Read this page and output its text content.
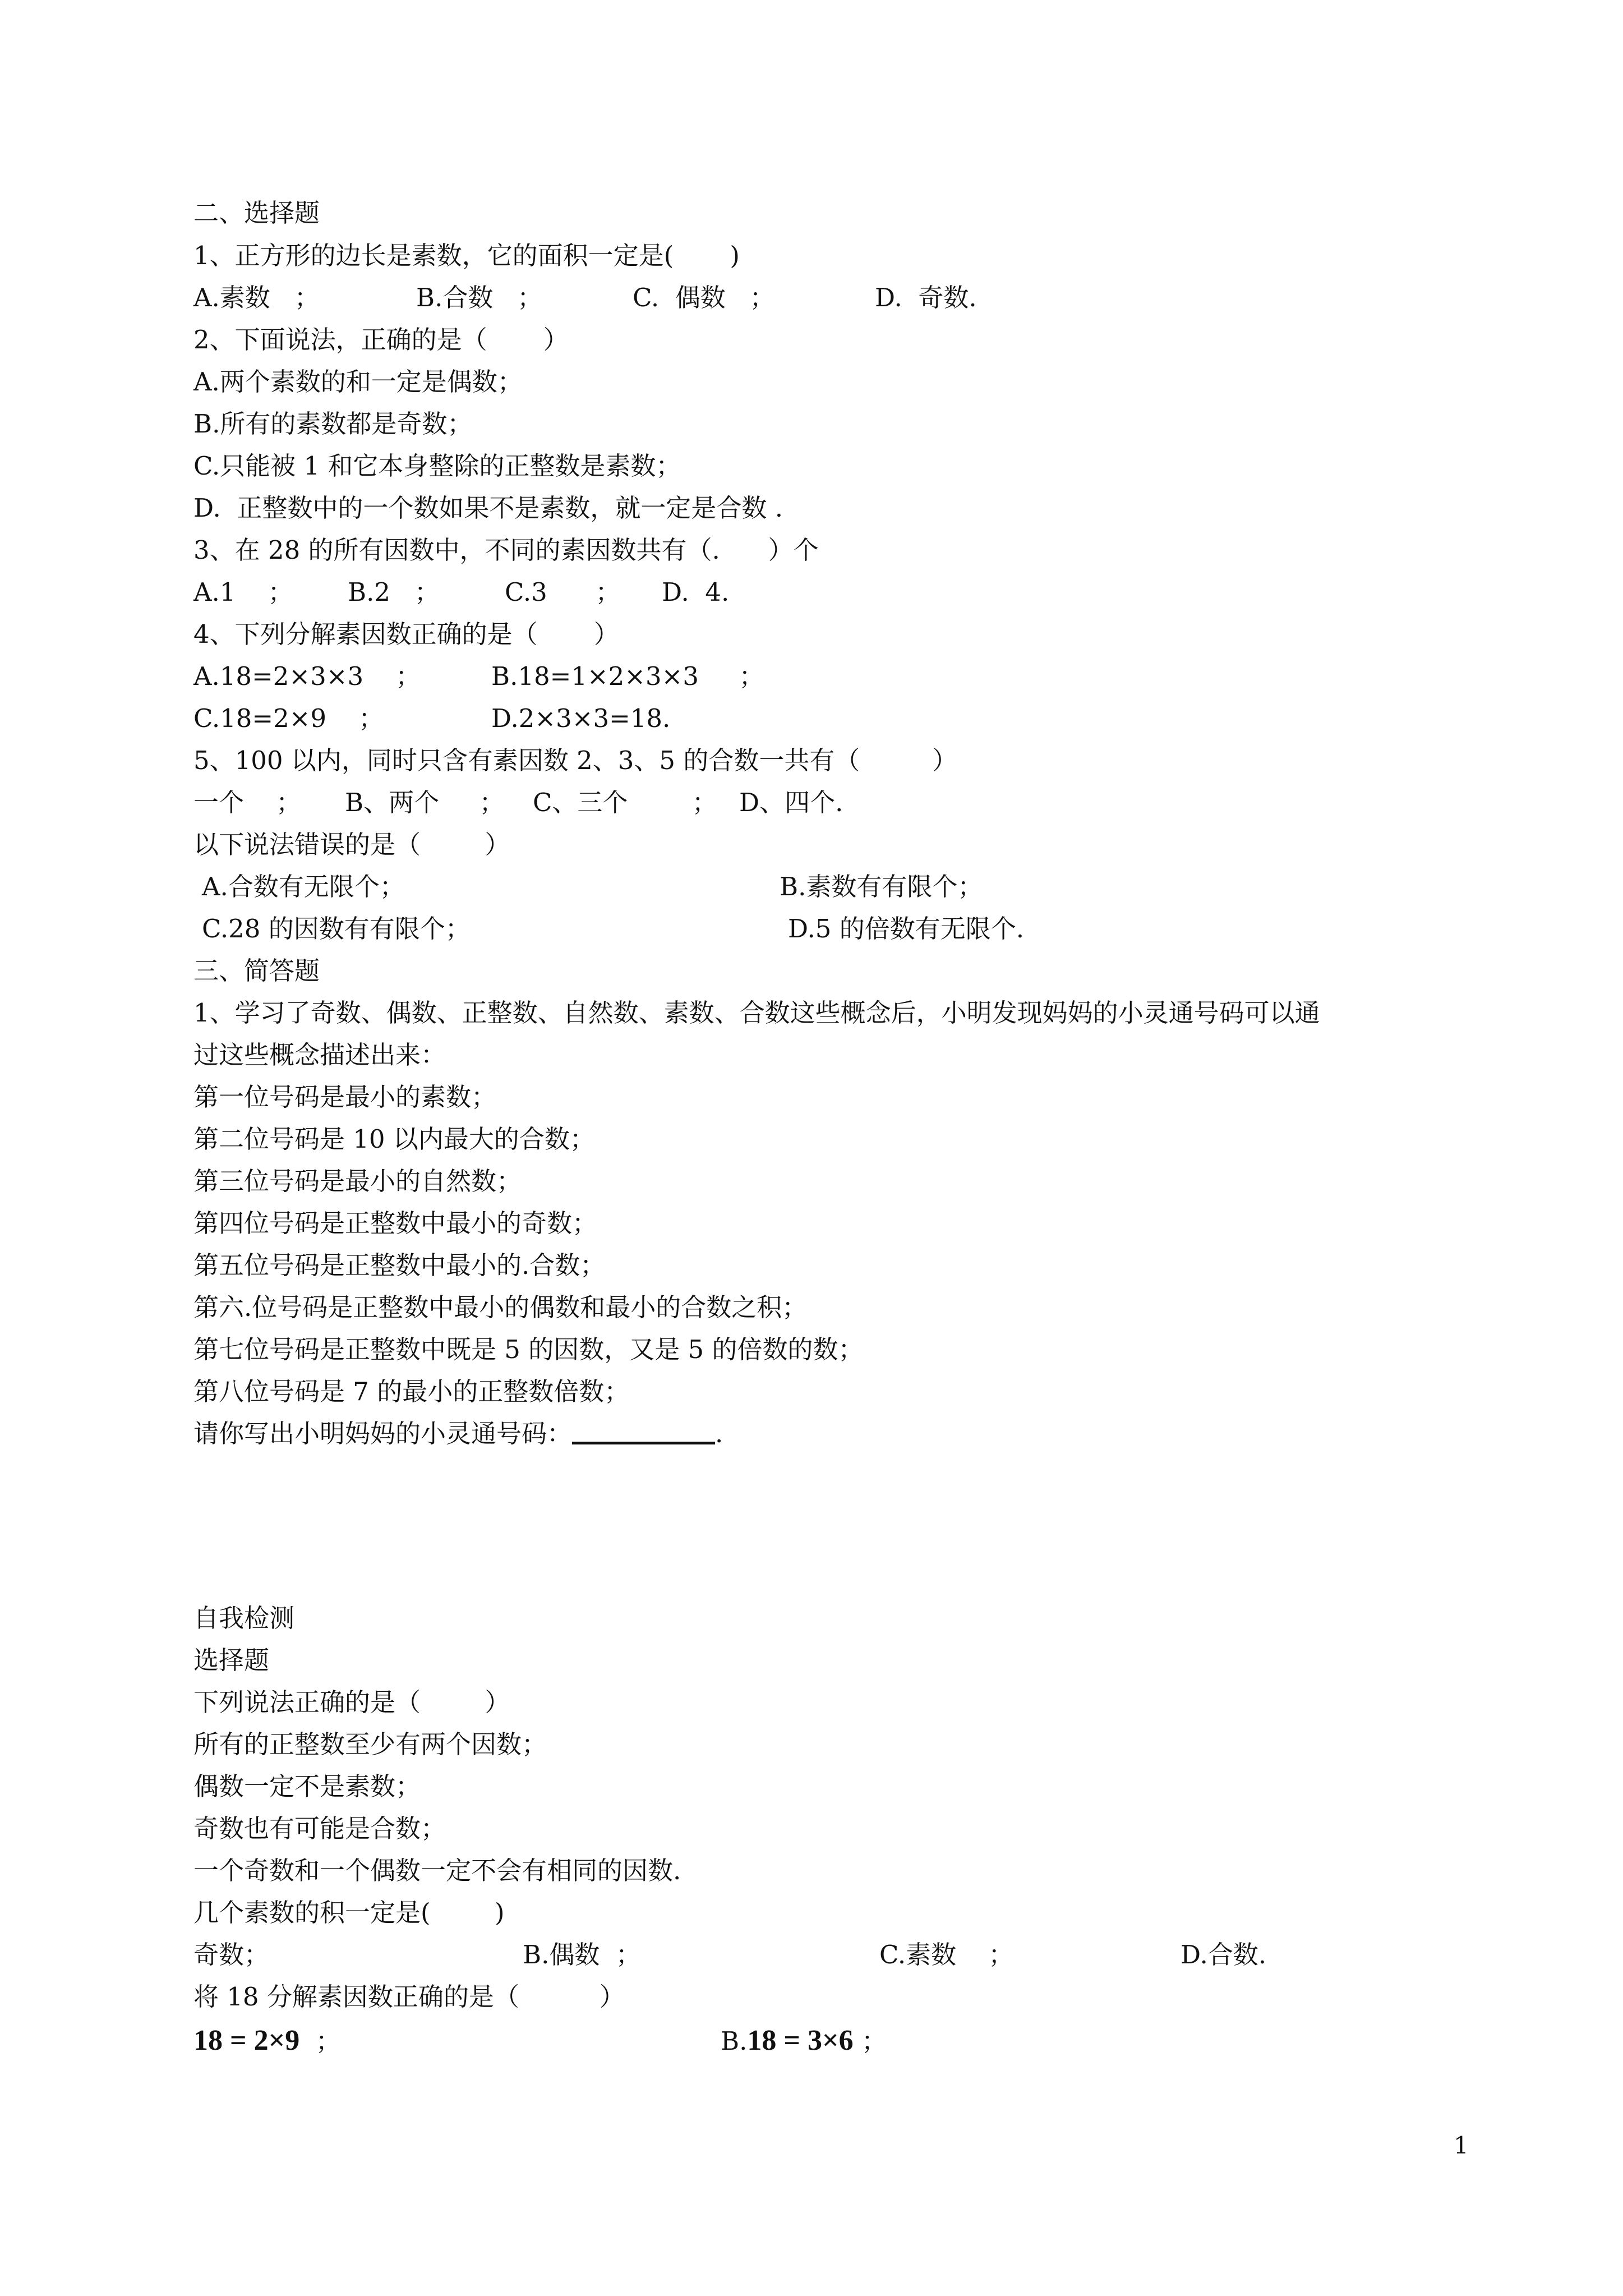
二、选择题
1、正方形的边长是素数，它的面积一定是(       )
A.素数   ；	B.合数   ；	C.  偶数   ；	D.  奇数.
2、下面说法，正确的是（       ）
A.两个素数的和一定是偶数；
B.所有的素数都是奇数；
C.只能被 1 和它本身整除的正整数是素数；
D.  正整数中的一个数如果不是素数，就一定是合数 .
3、在 28 的所有因数中，不同的素因数共有（.      ）个
A.1    ； B.2   ；	C.3      ； D.  4.
4、下列分解素因数正确的是（       ）
A.18=2×3×3    ；	B.18=1×2×3×3     ；
C.18=2×9    ；	D.2×3×3=18.
5、100 以内，同时只含有素因数 2、3、5 的合数一共有（         ）
一个    ； B、两个     ； C、三个        ； D、四个.
以下说法错误的是（        ）
A.合数有无限个；	B.素数有有限个；
C.28 的因数有有限个；	D.5 的倍数有无限个.
三、简答题
1、学习了奇数、偶数、正整数、自然数、素数、合数这些概念后，小明发现妈妈的小灵通号码可以通
过这些概念描述出来：
第一位号码是最小的素数；
第二位号码是 10 以内最大的合数；
第三位号码是最小的自然数；
第四位号码是正整数中最小的奇数；
第五位号码是正整数中最小的.合数；
第六.位号码是正整数中最小的偶数和最小的合数之积；
第七位号码是正整数中既是 5 的因数，又是 5 的倍数的数；
第八位号码是 7 的最小的正整数倍数；
请你写出小明妈妈的小灵通号码：	.
自我检测
选择题
下列说法正确的是（        ）
所有的正整数至少有两个因数；
偶数一定不是素数；
奇数也有可能是合数；
一个奇数和一个偶数一定不会有相同的因数.
几个素数的积一定是(        )
奇数；	B.偶数  ；	C.素数    ；	D.合数.
将 18 分解素因数正确的是（          ）
18 = 2×9  ；	B.18 = 3×6 ；
1
